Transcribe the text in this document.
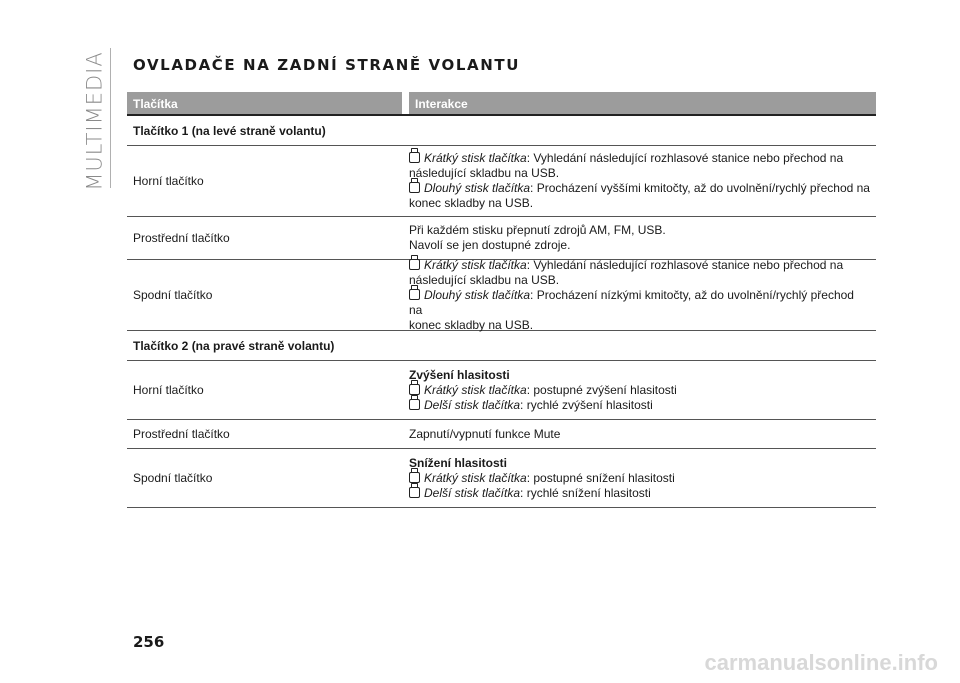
MULTIMEDIA OVLADAČE NA ZADNÍ STRANĚ VOLANTU
Tlačítka	Interakce
Tlačítko 1 (na levé straně volantu)
Horní tlačítko
Krátký stisk tlačítka: Vyhledání následující rozhlasové stanice nebo přechod na
následující skladbu na USB.
Dlouhý stisk tlačítka: Procházení vyššími kmitočty, až do uvolnění/rychlý přechod na
konec skladby na USB.
Prostřední tlačítko
Při každém stisku přepnutí zdrojů AM, FM, USB.
Navolí se jen dostupné zdroje.
Spodní tlačítko
Krátký stisk tlačítka: Vyhledání následující rozhlasové stanice nebo přechod na
následující skladbu na USB.
Dlouhý stisk tlačítka: Procházení nízkými kmitočty, až do uvolnění/rychlý přechod na
konec skladby na USB.
Tlačítko 2 (na pravé straně volantu)
Horní tlačítko
Zvýšení hlasitosti
Krátký stisk tlačítka: postupné zvýšení hlasitosti
Delší stisk tlačítka: rychlé zvýšení hlasitosti
Prostřední tlačítko	Zapnutí/vypnutí funkce Mute
Spodní tlačítko
Snížení hlasitosti
Krátký stisk tlačítka: postupné snížení hlasitosti
Delší stisk tlačítka: rychlé snížení hlasitosti
256
carmanualsonline.info
